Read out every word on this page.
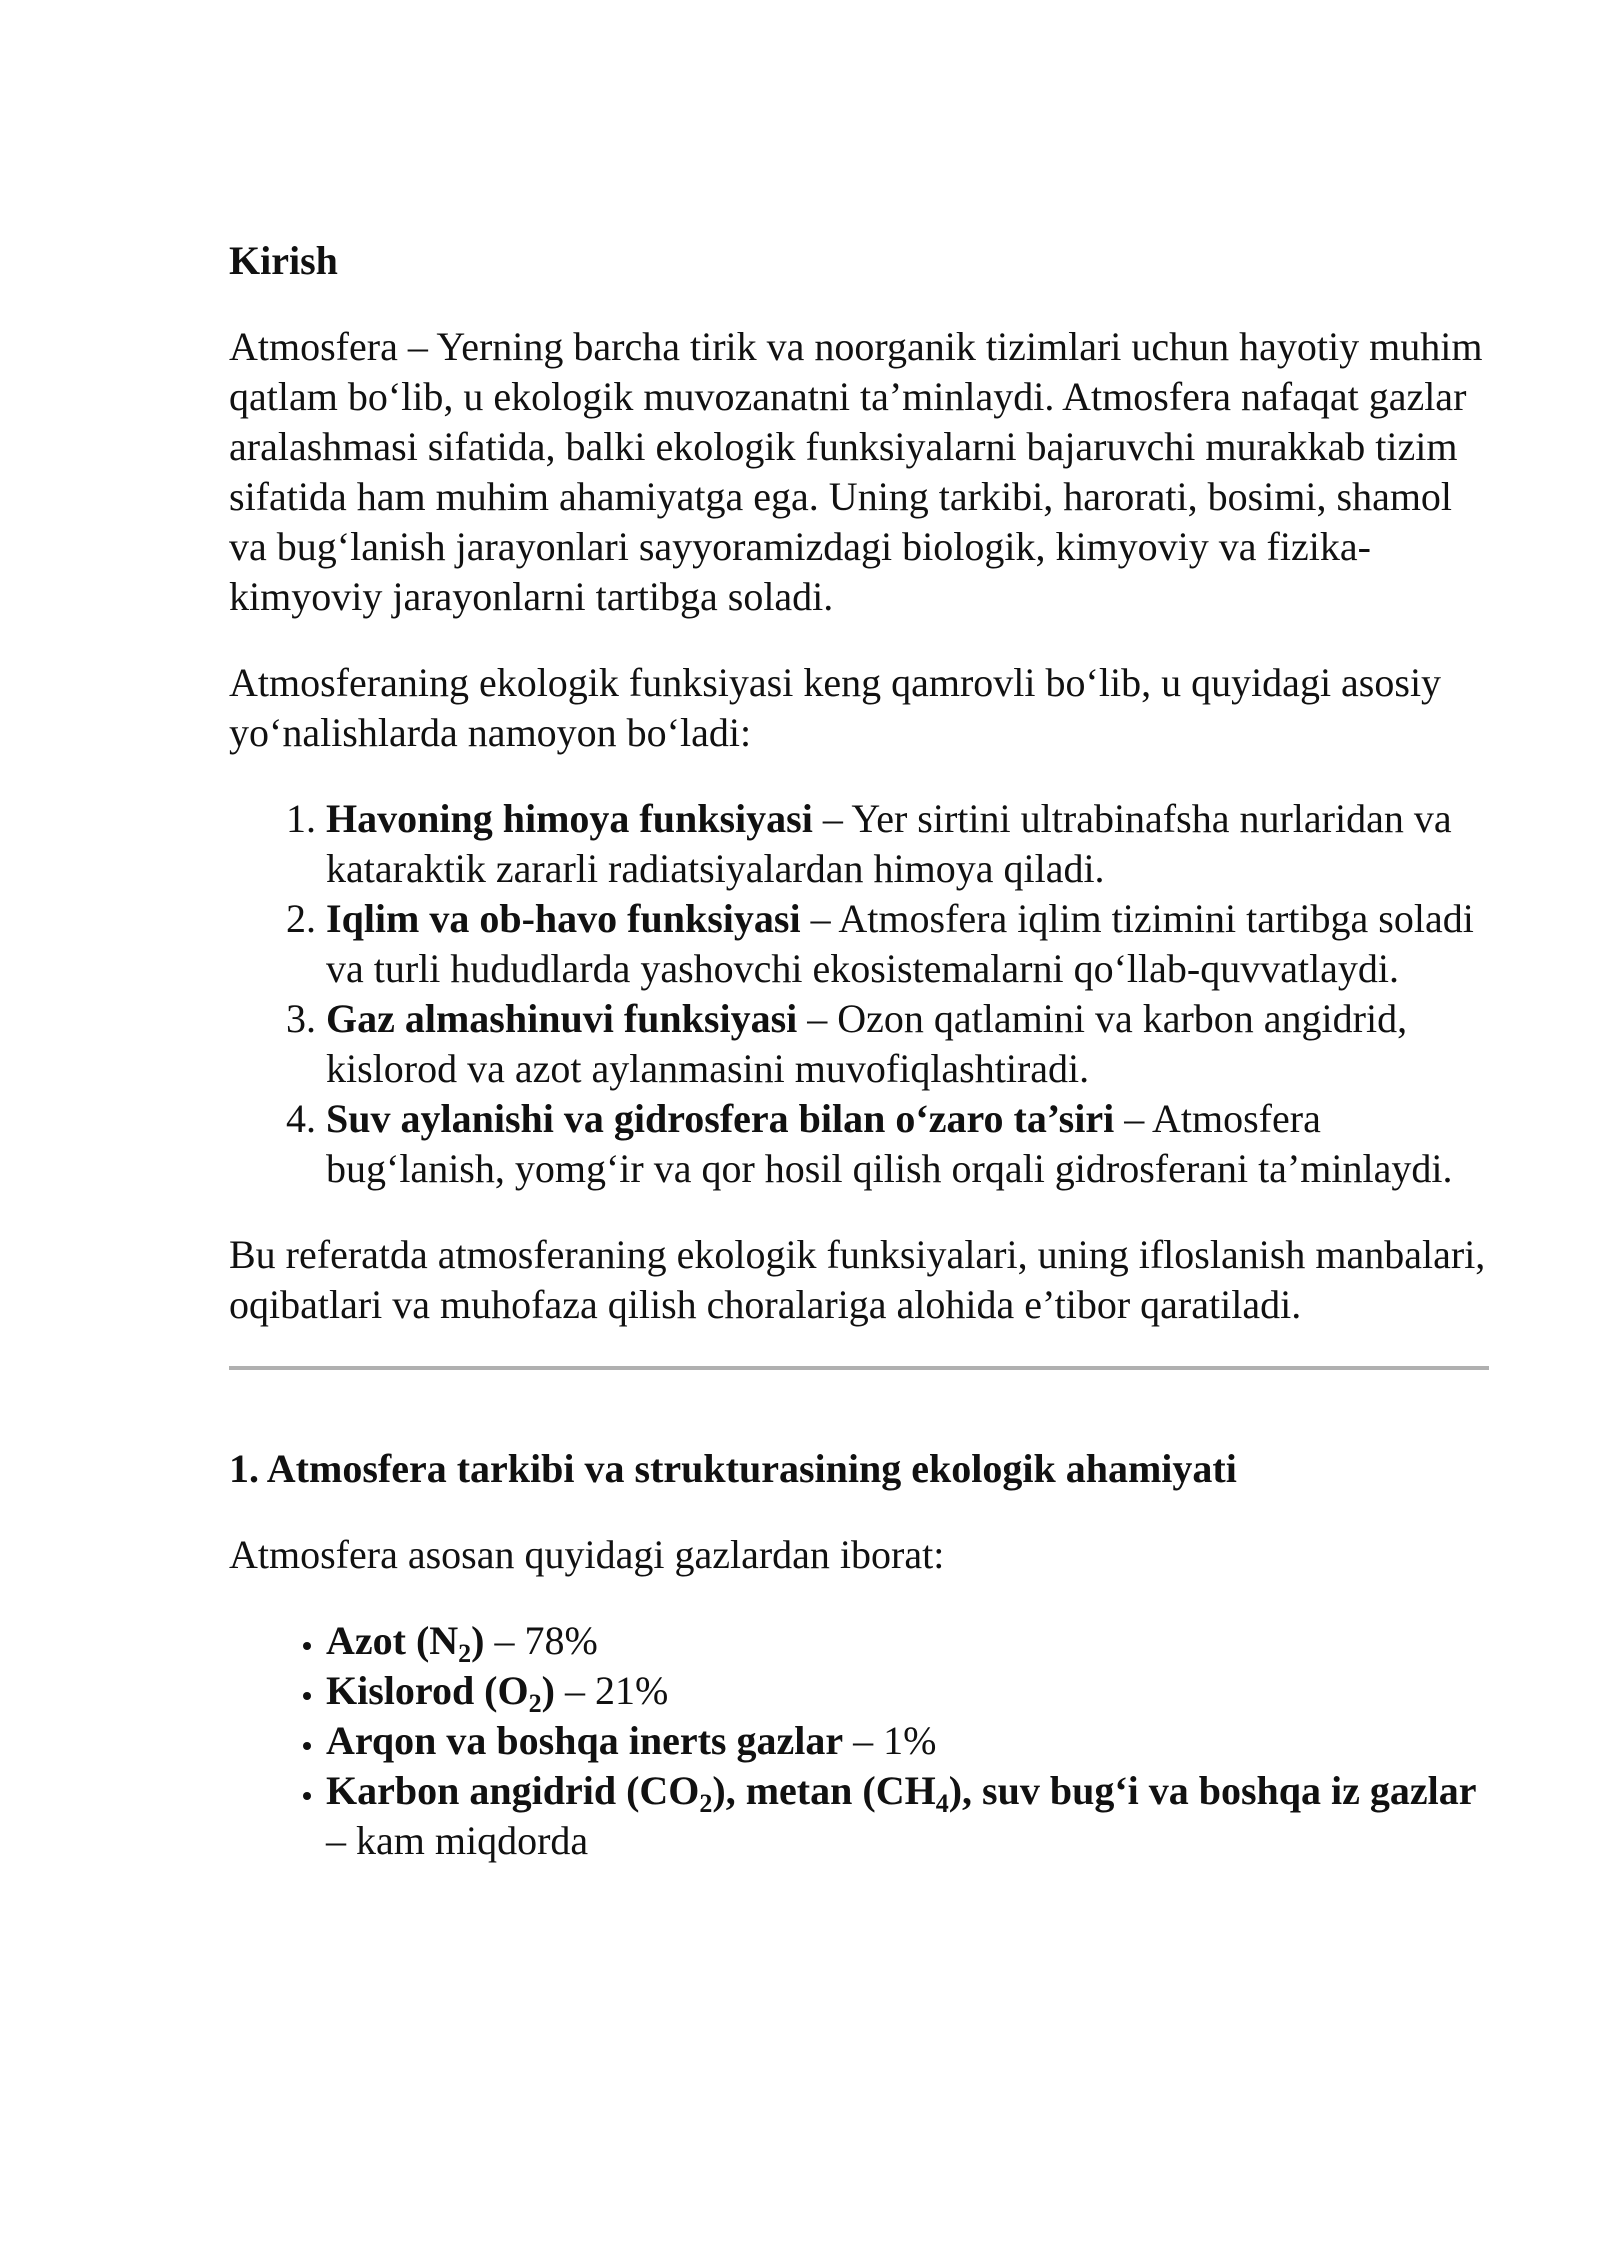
Kirish

Atmosfera – Yerning barcha tirik va noorganik tizimlari uchun hayotiy muhim qatlam bo‘lib, u ekologik muvozanatni ta’minlaydi. Atmosfera nafaqat gazlar aralashmasi sifatida, balki ekologik funksiyalarni bajaruvchi murakkab tizim sifatida ham muhim ahamiyatga ega. Uning tarkibi, harorati, bosimi, shamol va bug‘lanish jarayonlari sayyoramizdagi biologik, kimyoviy va fizika-kimyoviy jarayonlarni tartibga soladi.

Atmosferaning ekologik funksiyasi keng qamrovli bo‘lib, u quyidagi asosiy yo‘nalishlarda namoyon bo‘ladi:

1. Havoning himoya funksiyasi – Yer sirtini ultrabinafsha nurlaridan va kataraktik zararli radiatsiyalardan himoya qiladi.
2. Iqlim va ob-havo funksiyasi – Atmosfera iqlim tizimini tartibga soladi va turli hududlarda yashovchi ekosistemalarni qo‘llab-quvvatlaydi.
3. Gaz almashinuvi funksiyasi – Ozon qatlamini va karbon angidrid, kislorod va azot aylanmasini muvofiqlashtiradi.
4. Suv aylanishi va gidrosfera bilan o‘zaro ta’siri – Atmosfera bug‘lanish, yomg‘ir va qor hosil qilish orqali gidrosferani ta’minlaydi.

Bu referatda atmosferaning ekologik funksiyalari, uning ifloslanish manbalari, oqibatlari va muhofaza qilish choralariga alohida e’tibor qaratiladi.

1. Atmosfera tarkibi va strukturasining ekologik ahamiyati

Atmosfera asosan quyidagi gazlardan iborat:

• Azot $(N_2) - 78\%$
• Kislorod $(O_2) - 21\%$
• Arqon va boshqa inerts gazlar – 1%
• Karbon angidrid $(CO_2)$, metan $(CH_4)$, suv bug‘i va boshqa iz gazlar – kam miqdorda
